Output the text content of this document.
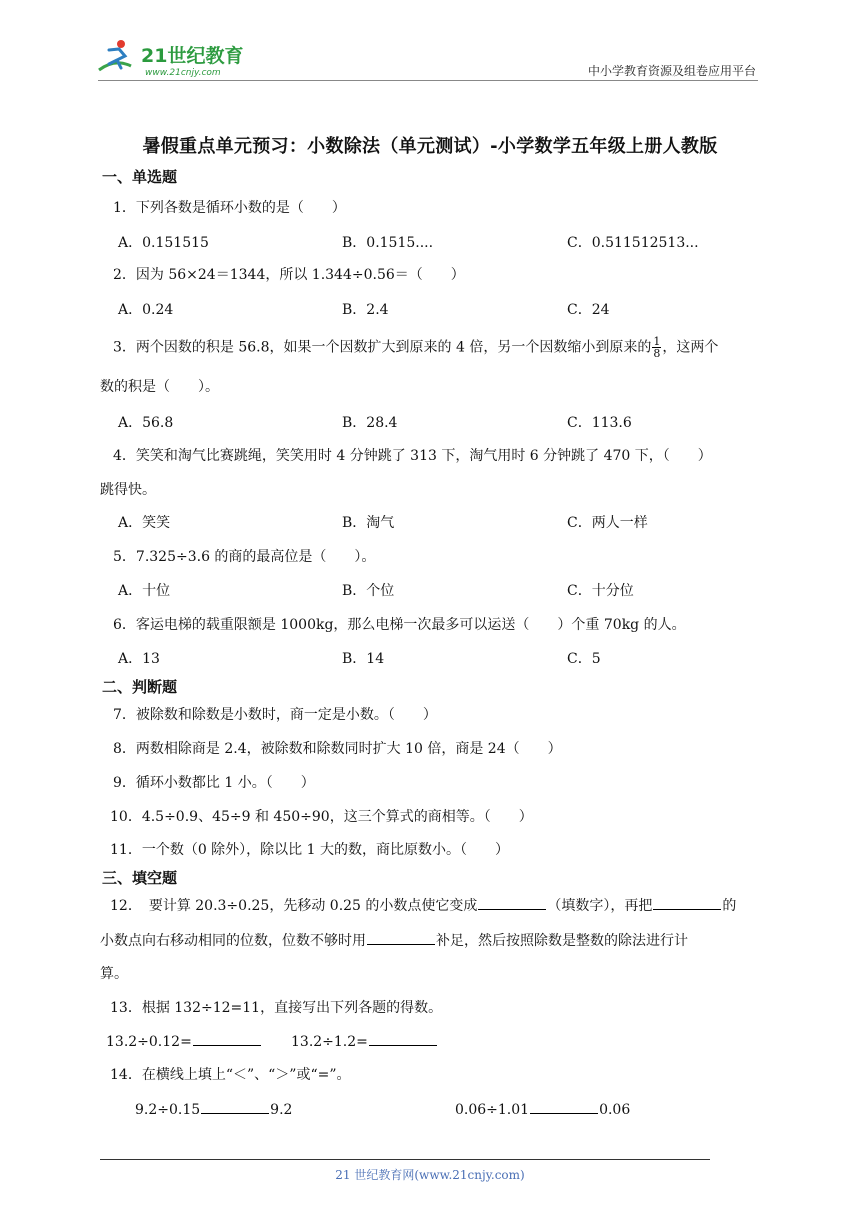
21世纪教育
www.21cnjy.com	中小学教育资源及组卷应用平台
暑假重点单元预习：小数除法（单元测试）-小学数学五年级上册人教版
一、单选题
1．下列各数是循环小数的是（　　）
A．0.151515	B．0.1515....	C．0.511512513...
2．因为 56×24＝1344，所以 1.344÷0.56＝（　　）
A．0.24	B．2.4	C．24
3．两个因数的积是 56.8，如果一个因数扩大到原来的 4 倍，另一个因数缩小到原来的 $\frac{1}{8}$ ，这两个
数的积是（　　）。
A．56.8	B．28.4	C．113.6
4．笑笑和淘气比赛跳绳，笑笑用时 4 分钟跳了 313 下，淘气用时 6 分钟跳了 470 下，（　　）
跳得快。
A．笑笑	B．淘气	C．两人一样
5．7.325÷3.6 的商的最高位是（　　）。
A．十位	B．个位	C．十分位
6．客运电梯的载重限额是 1000kg，那么电梯一次最多可以运送（　　）个重 70kg 的人。
A．13	B．14	C．5
二、判断题
7．被除数和除数是小数时，商一定是小数。（　　）
8．两数相除商是 2.4，被除数和除数同时扩大 10 倍，商是 24（　　）
9．循环小数都比 1 小。（　　）
10．4.5÷0.9、45÷9 和 450÷90，这三个算式的商相等。（　　）
11．一个数（0 除外），除以比 1 大的数，商比原数小。（　　）
三、填空题
12．　要计算 20.3÷0.25，先移动 0.25 的小数点使它变成	（填数字），再把	的
小数点向右移动相同的位数，位数不够时用	补足，然后按照除数是整数的除法进行计
算。
13．根据 132÷12=11，直接写出下列各题的得数。
13.2÷0.12=	13.2÷1.2=
14．在横线上填上“＜”、“＞”或“=”。
9.2÷0.15	9.2	0.06÷1.01	0.06
21 世纪教育网(www.21cnjy.com)
